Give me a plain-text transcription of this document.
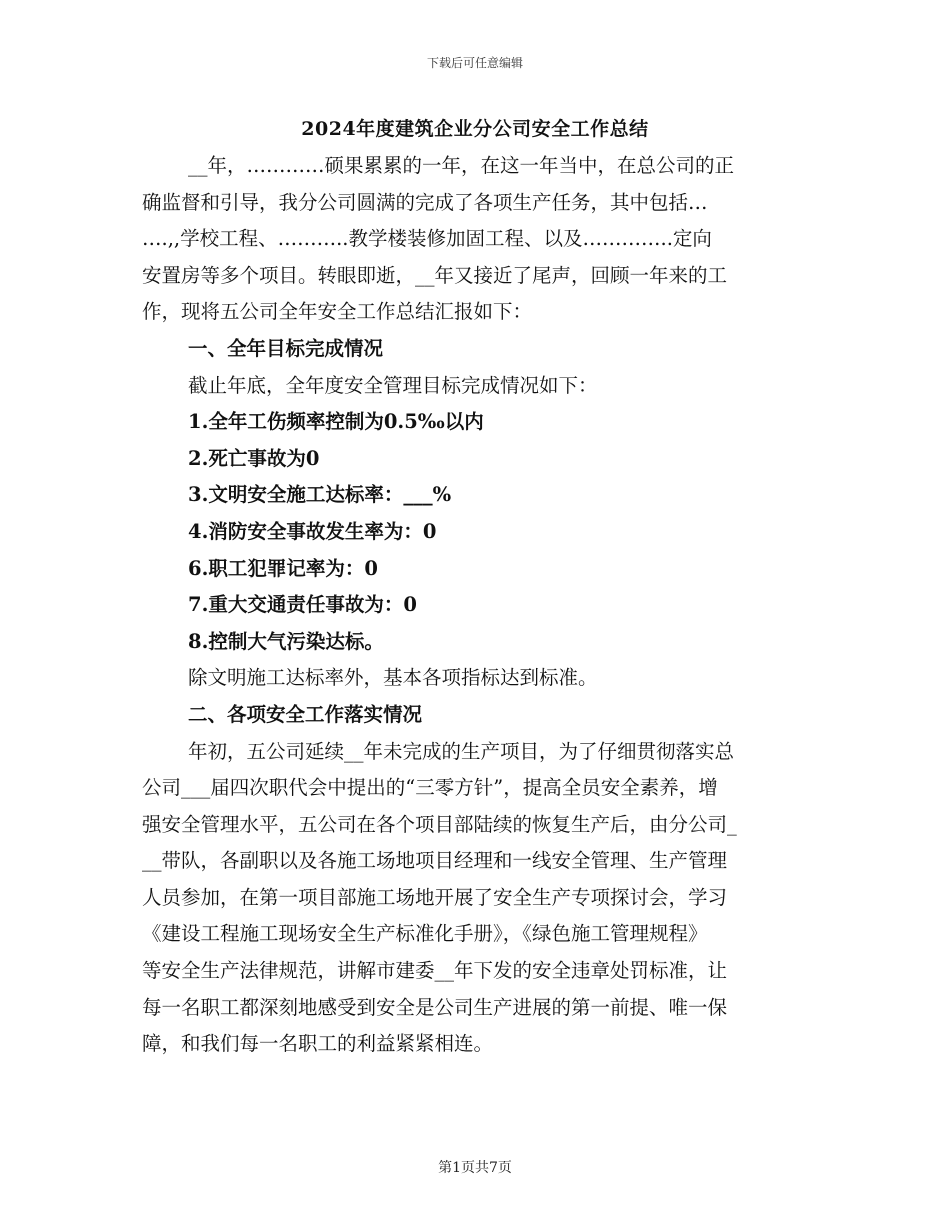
下载后可任意编辑
2024年度建筑企业分公司安全工作总结
__年，…………硕果累累的一年，在这一年当中，在总公司的正
确监督和引导，我分公司圆满的完成了各项生产任务，其中包括…
….,,学校工程、………..教学楼装修加固工程、以及…………..定向
安置房等多个项目。转眼即逝，__年又接近了尾声，回顾一年来的工
作，现将五公司全年安全工作总结汇报如下：
一、全年目标完成情况
截止年底，全年度安全管理目标完成情况如下：
1.全年工伤频率控制为0.5‰以内
2.死亡事故为0
3.文明安全施工达标率：___%
4.消防安全事故发生率为：0
6.职工犯罪记率为：0
7.重大交通责任事故为：0
8.控制大气污染达标。
除文明施工达标率外，基本各项指标达到标准。
二、各项安全工作落实情况
年初，五公司延续__年未完成的生产项目，为了仔细贯彻落实总
公司___届四次职代会中提出的“三零方针”，提高全员安全素养，增
强安全管理水平，五公司在各个项目部陆续的恢复生产后，由分公司_
__带队，各副职以及各施工场地项目经理和一线安全管理、生产管理
人员参加，在第一项目部施工场地开展了安全生产专项探讨会，学习
《建设工程施工现场安全生产标准化手册》，《绿色施工管理规程》
等安全生产法律规范，讲解市建委__年下发的安全违章处罚标准，让
每一名职工都深刻地感受到安全是公司生产进展的第一前提、唯一保
障，和我们每一名职工的利益紧紧相连。
第1页共7页
